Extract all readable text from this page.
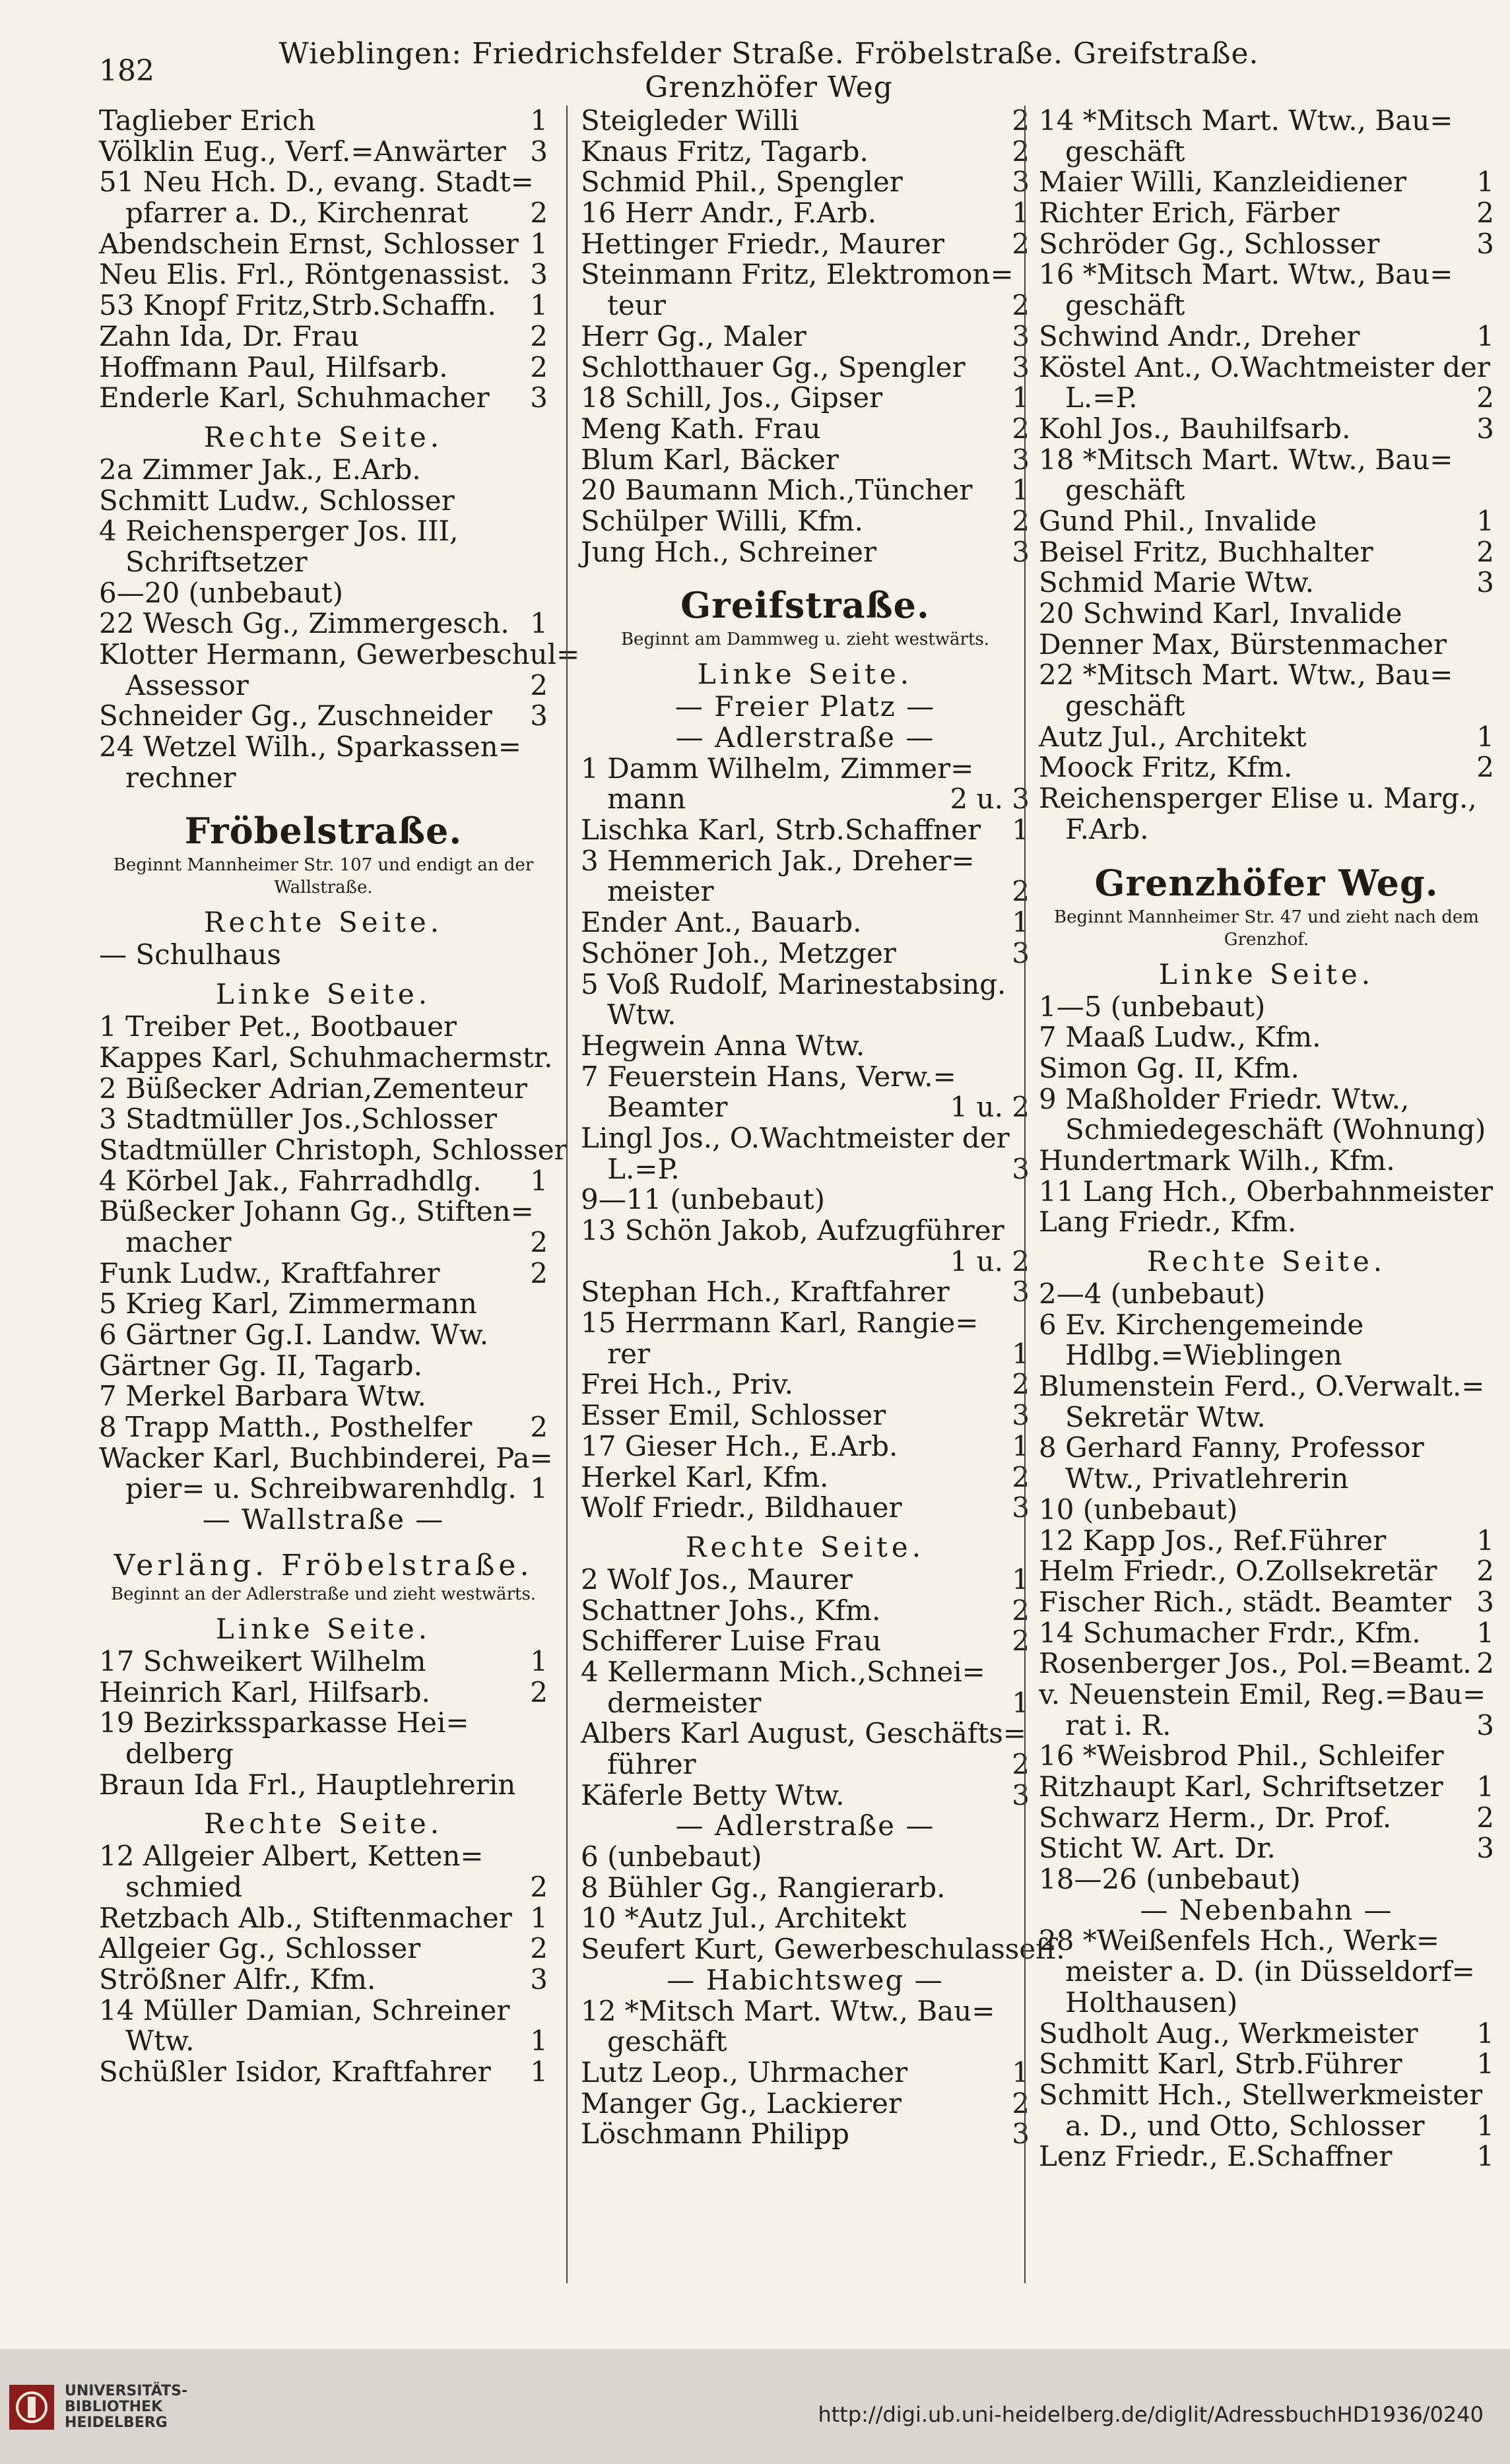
182	Wieblingen: Friedrichsfelder Straße. Fröbelstraße. Greifstraße. Grenzhöfer Weg
Taglieber Erich	1
Völklin Eug., Verf.=Anwärter 3
51 Neu Hch. D., evang. Stadt=
pfarrer a. D., Kirchenrat 2
Abendschein Ernst, Schlosser 1
Neu Elis. Frl., Röntgenassist. 3
53 Knopf Fritz,Strb.Schaffn. 1
Zahn Ida, Dr. Frau	2
Hoffmann Paul, Hilfsarb.	2
Enderle Karl, Schuhmacher 3
Rechte Seite.
2a Zimmer Jak., E.Arb.
Schmitt Ludw., Schlosser
4 Reichensperger Jos. III,
Schriftsetzer
6—20 (unbebaut)
22 Wesch Gg., Zimmergesch. 1
Klotter Hermann, Gewerbeschul=
Assessor	2
Schneider Gg., Zuschneider 3
24 Wetzel Wilh., Sparkassen=
rechner
Fröbelstraße.
Beginnt Mannheimer Str. 107 und endigt an der Wallstraße.
Rechte Seite.
— Schulhaus
Linke Seite.
1 Treiber Pet., Bootbauer
Kappes Karl, Schuhmachermstr.
2 Büßecker Adrian,Zementeur
3 Stadtmüller Jos.,Schlosser
Stadtmüller Christoph, Schlosser
4 Körbel Jak., Fahrradhdlg. 1
Büßecker Johann Gg., Stiften=
macher	2
Funk Ludw., Kraftfahrer	2
5 Krieg Karl, Zimmermann
6 Gärtner Gg.I. Landw. Ww.
Gärtner Gg. II, Tagarb.
7 Merkel Barbara Wtw.
8 Trapp Matth., Posthelfer 2
Wacker Karl, Buchbinderei, Pa=
pier= u. Schreibwarenhdlg. 1
— Wallstraße —
Verläng. Fröbelstraße.
Beginnt an der Adlerstraße und zieht westwärts.
Linke Seite.
17 Schweikert Wilhelm	1
Heinrich Karl, Hilfsarb.	2
19 Bezirkssparkasse Hei=
delberg
Braun Ida Frl., Hauptlehrerin
Rechte Seite.
12 Allgeier Albert, Ketten=
schmied	2
Retzbach Alb., Stiftenmacher 1
Allgeier Gg., Schlosser	2
Strößner Alfr., Kfm.	3
14 Müller Damian, Schreiner
Wtw.	1
Schüßler Isidor, Kraftfahrer 1
Steigleder Willi	2
Knaus Fritz, Tagarb.	2
Schmid Phil., Spengler	3
16 Herr Andr., F.Arb.	1
Hettinger Friedr., Maurer 2
Steinmann Fritz, Elektromon=
teur	2
Herr Gg., Maler	3
Schlotthauer Gg., Spengler 3
18 Schill, Jos., Gipser	1
Meng Kath. Frau	2
Blum Karl, Bäcker	3
20 Baumann Mich.,Tüncher 1
Schülper Willi, Kfm.	2
Jung Hch., Schreiner	3
Greifstraße.
Beginnt am Dammweg u. zieht westwärts.
Linke Seite.
— Freier Platz —
— Adlerstraße —
1 Damm Wilhelm, Zimmer=
mann	2 u. 3
Lischka Karl, Strb.Schaffner 1
3 Hemmerich Jak., Dreher=
meister	2
Ender Ant., Bauarb.	1
Schöner Joh., Metzger	3
5 Voß Rudolf, Marinestabsing.
Wtw.
Hegwein Anna Wtw.
7 Feuerstein Hans, Verw.=
Beamter	1 u. 2
Lingl Jos., O.Wachtmeister der
L.=P.	3
9—11 (unbebaut)
13 Schön Jakob, Aufzugführer
1 u. 2
Stephan Hch., Kraftfahrer 3
15 Herrmann Karl, Rangie=
rer	1
Frei Hch., Priv.	2
Esser Emil, Schlosser	3
17 Gieser Hch., E.Arb.	1
Herkel Karl, Kfm.	2
Wolf Friedr., Bildhauer	3
Rechte Seite.
2 Wolf Jos., Maurer	1
Schattner Johs., Kfm.	2
Schifferer Luise Frau	2
4 Kellermann Mich.,Schnei=
dermeister	1
Albers Karl August, Geschäfts=
führer	2
Käferle Betty Wtw.	3
— Adlerstraße —
6 (unbebaut)
8 Bühler Gg., Rangierarb.
10 *Autz Jul., Architekt
Seufert Kurt, Gewerbeschulasseſſ.
— Habichtsweg —
12 *Mitsch Mart. Wtw., Bau=
geschäft
Lutz Leop., Uhrmacher	1
Manger Gg., Lackierer	2
Löschmann Philipp	3
14 *Mitsch Mart. Wtw., Bau=
geschäft
Maier Willi, Kanzleidiener	1
Richter Erich, Färber	2
Schröder Gg., Schlosser	3
16 *Mitsch Mart. Wtw., Bau=
geschäft
Schwind Andr., Dreher	1
Köstel Ant., O.Wachtmeister der
L.=P.	2
Kohl Jos., Bauhilfsarb.	3
18 *Mitsch Mart. Wtw., Bau=
geschäft
Gund Phil., Invalide	1
Beisel Fritz, Buchhalter	2
Schmid Marie Wtw.	3
20 Schwind Karl, Invalide
Denner Max, Bürstenmacher
22 *Mitsch Mart. Wtw., Bau=
geschäft
Autz Jul., Architekt	1
Moock Fritz, Kfm.	2
Reichensperger Elise u. Marg.,
F.Arb.
Grenzhöfer Weg.
Beginnt Mannheimer Str. 47 und zieht nach dem Grenzhof.
Linke Seite.
1—5 (unbebaut)
7 Maaß Ludw., Kfm.
Simon Gg. II, Kfm.
9 Maßholder Friedr. Wtw.,
Schmiedegeschäft (Wohnung)
Hundertmark Wilh., Kfm.
11 Lang Hch., Oberbahnmeister
Lang Friedr., Kfm.
Rechte Seite.
2—4 (unbebaut)
6 Ev. Kirchengemeinde
Hdlbg.=Wieblingen
Blumenstein Ferd., O.Verwalt.=
Sekretär Wtw.
8 Gerhard Fanny, Professor
Wtw., Privatlehrerin
10 (unbebaut)
12 Kapp Jos., Ref.Führer	1
Helm Friedr., O.Zollsekretär 2
Fischer Rich., städt. Beamter 3
14 Schumacher Frdr., Kfm. 1
Rosenberger Jos., Pol.=Beamt. 2
v. Neuenstein Emil, Reg.=Bau=
rat i. R.	3
16 *Weisbrod Phil., Schleifer
Ritzhaupt Karl, Schriftsetzer 1
Schwarz Herm., Dr. Prof.	2
Sticht W. Art. Dr.	3
18—26 (unbebaut)
— Nebenbahn —
28 *Weißenfels Hch., Werk=
meister a. D. (in Düsseldorf=
Holthausen)
Sudholt Aug., Werkmeister 1
Schmitt Karl, Strb.Führer	1
Schmitt Hch., Stellwerkmeister
a. D., und Otto, Schlosser 1
Lenz Friedr., E.Schaffner	1
UNIVERSITÄTS-
BIBLIOTHEK
HEIDELBERG	http://digi.ub.uni-heidelberg.de/diglit/AdressbuchHD1936/0240
